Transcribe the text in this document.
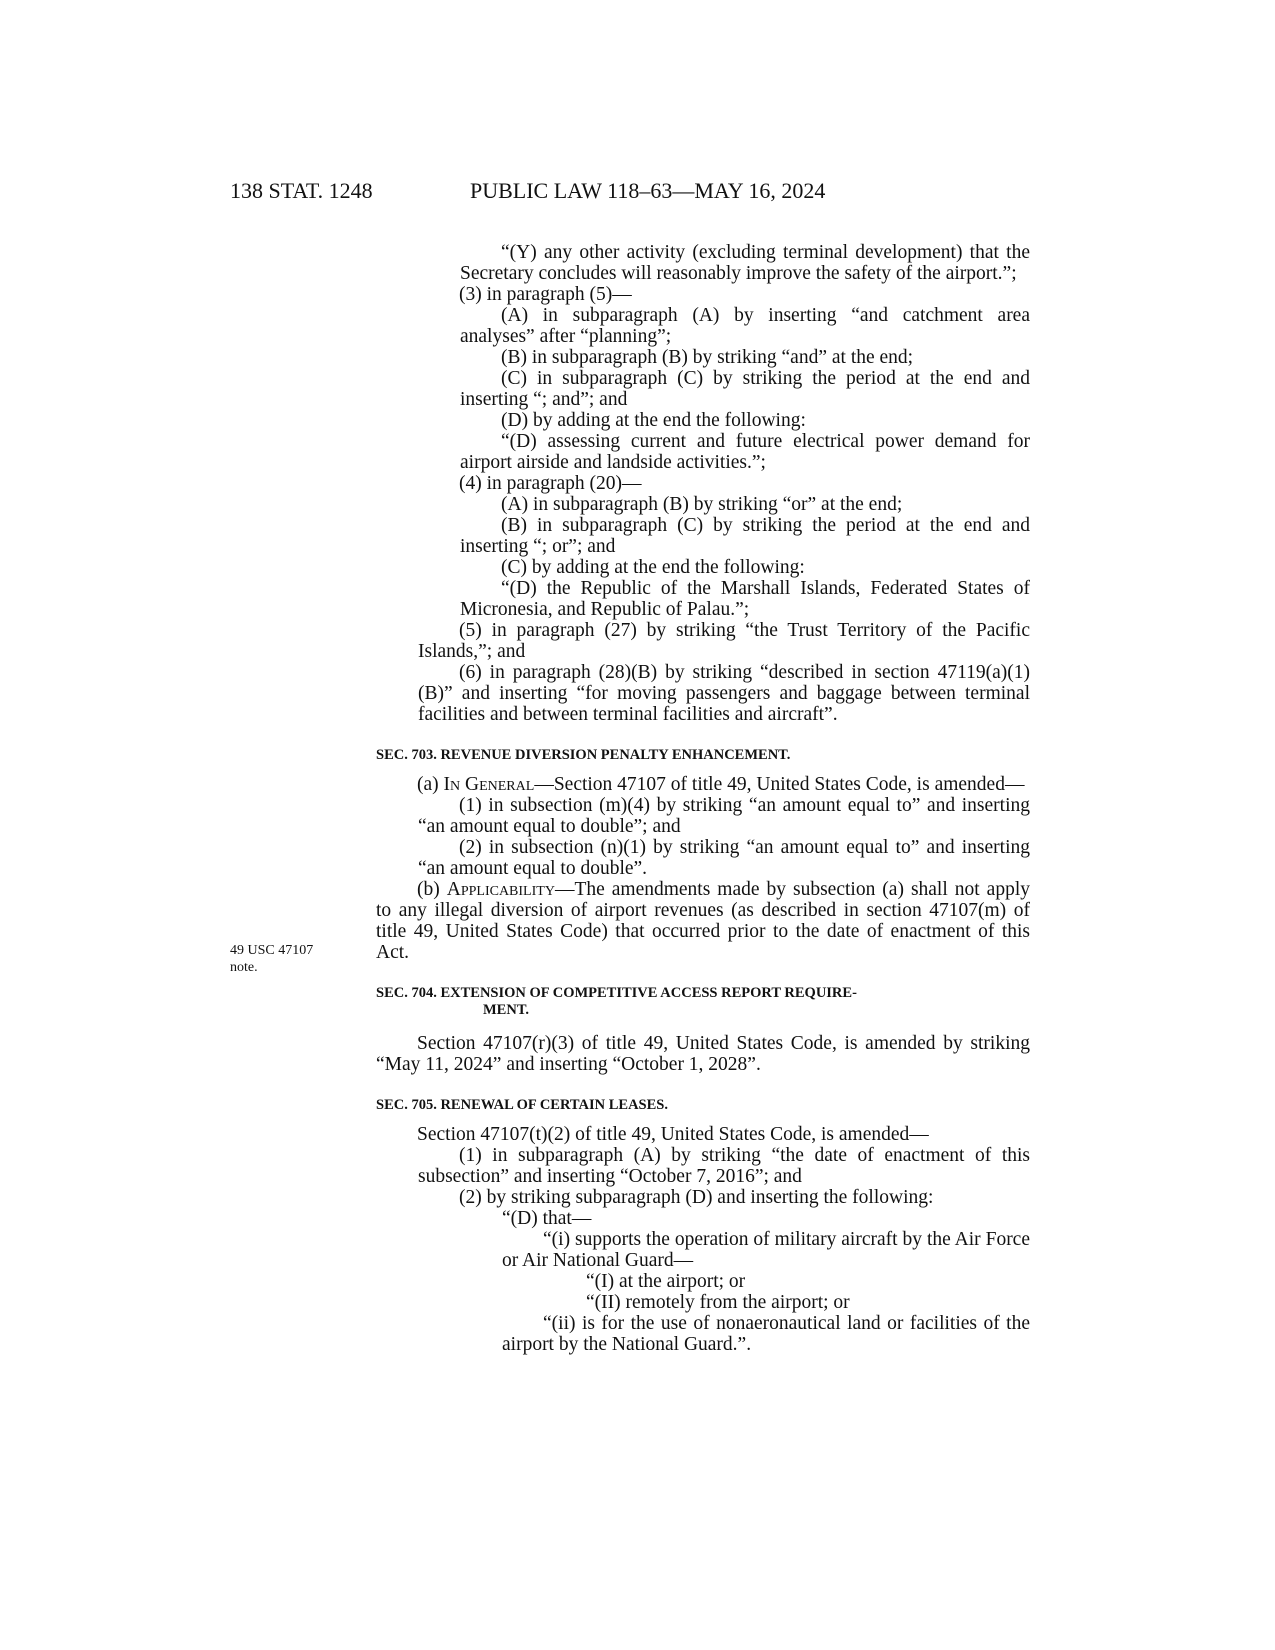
138 STAT. 1248	PUBLIC LAW 118–63—MAY 16, 2024
49 USC 47107
note.

“(Y) any other activity (excluding terminal development) that the Secretary concludes will reasonably improve the safety of the airport.”;

(3) in paragraph (5)—

(A) in subparagraph (A) by inserting “and catchment area analyses” after “planning”;

(B) in subparagraph (B) by striking “and” at the end;

(C) in subparagraph (C) by striking the period at the end and inserting “; and”; and

(D) by adding at the end the following:

“(D) assessing current and future electrical power demand for airport airside and landside activities.”;

(4) in paragraph (20)—

(A) in subparagraph (B) by striking “or” at the end;

(B) in subparagraph (C) by striking the period at the end and inserting “; or”; and

(C) by adding at the end the following:

“(D) the Republic of the Marshall Islands, Federated States of Micronesia, and Republic of Palau.”;

(5) in paragraph (27) by striking “the Trust Territory of the Pacific Islands,”; and

(6) in paragraph (28)(B) by striking “described in section 47119(a)(1)(B)” and inserting “for moving passengers and baggage between terminal facilities and between terminal facilities and aircraft”.

SEC. 703. REVENUE DIVERSION PENALTY ENHANCEMENT.

(a) In General—Section 47107 of title 49, United States Code, is amended—

(1) in subsection (m)(4) by striking “an amount equal to” and inserting “an amount equal to double”; and

(2) in subsection (n)(1) by striking “an amount equal to” and inserting “an amount equal to double”.

(b) Applicability—The amendments made by subsection (a) shall not apply to any illegal diversion of airport revenues (as described in section 47107(m) of title 49, United States Code) that occurred prior to the date of enactment of this Act.

SEC. 704. EXTENSION OF COMPETITIVE ACCESS REPORT REQUIRE-

MENT.

Section 47107(r)(3) of title 49, United States Code, is amended by striking “May 11, 2024” and inserting “October 1, 2028”.

SEC. 705. RENEWAL OF CERTAIN LEASES.

Section 47107(t)(2) of title 49, United States Code, is amended—

(1) in subparagraph (A) by striking “the date of enactment of this subsection” and inserting “October 7, 2016”; and

(2) by striking subparagraph (D) and inserting the following:

“(D) that—

“(i) supports the operation of military aircraft by the Air Force or Air National Guard—

“(I) at the airport; or

“(II) remotely from the airport; or

“(ii) is for the use of nonaeronautical land or facilities of the airport by the National Guard.”.
